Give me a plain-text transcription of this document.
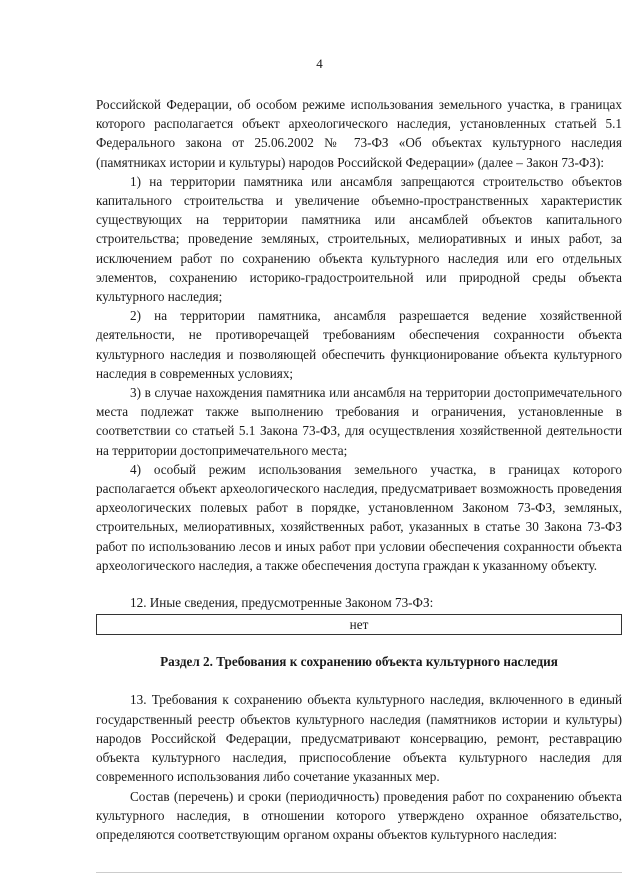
4

Российской Федерации, об особом режиме использования земельного участка, в границах которого располагается объект археологического наследия, установленных статьей 5.1 Федерального закона от 25.06.2002 № 73-ФЗ «Об объектах культурного наследия (памятниках истории и культуры) народов Российской Федерации» (далее – Закон 73-ФЗ):

1) на территории памятника или ансамбля запрещаются строительство объектов капитального строительства и увеличение объемно-пространственных характеристик существующих на территории памятника или ансамблей объектов капитального строительства; проведение земляных, строительных, мелиоративных и иных работ, за исключением работ по сохранению объекта культурного наследия или его отдельных элементов, сохранению историко-градостроительной или природной среды объекта культурного наследия;

2) на территории памятника, ансамбля разрешается ведение хозяйственной деятельности, не противоречащей требованиям обеспечения сохранности объекта культурного наследия и позволяющей обеспечить функционирование объекта культурного наследия в современных условиях;

3) в случае нахождения памятника или ансамбля на территории достопримечательного места подлежат также выполнению требования и ограничения, установленные в соответствии со статьей 5.1 Закона 73-ФЗ, для осуществления хозяйственной деятельности на территории достопримечательного места;

4) особый режим использования земельного участка, в границах которого располагается объект археологического наследия, предусматривает возможность проведения археологических полевых работ в порядке, установленном Законом 73-ФЗ, земляных, строительных, мелиоративных, хозяйственных работ, указанных в статье 30 Закона 73-ФЗ работ по использованию лесов и иных работ при условии обеспечения сохранности объекта археологического наследия, а также обеспечения доступа граждан к указанному объекту.

12. Иные сведения, предусмотренные Законом 73-ФЗ:

нет

Раздел 2. Требования к сохранению объекта культурного наследия

13. Требования к сохранению объекта культурного наследия, включенного в единый государственный реестр объектов культурного наследия (памятников истории и культуры) народов Российской Федерации, предусматривают консервацию, ремонт, реставрацию объекта культурного наследия, приспособление объекта культурного наследия для современного использования либо сочетание указанных мер.

Состав (перечень) и сроки (периодичность) проведения работ по сохранению объекта культурного наследия, в отношении которого утверждено охранное обязательство, определяются соответствующим органом охраны объектов культурного наследия:
